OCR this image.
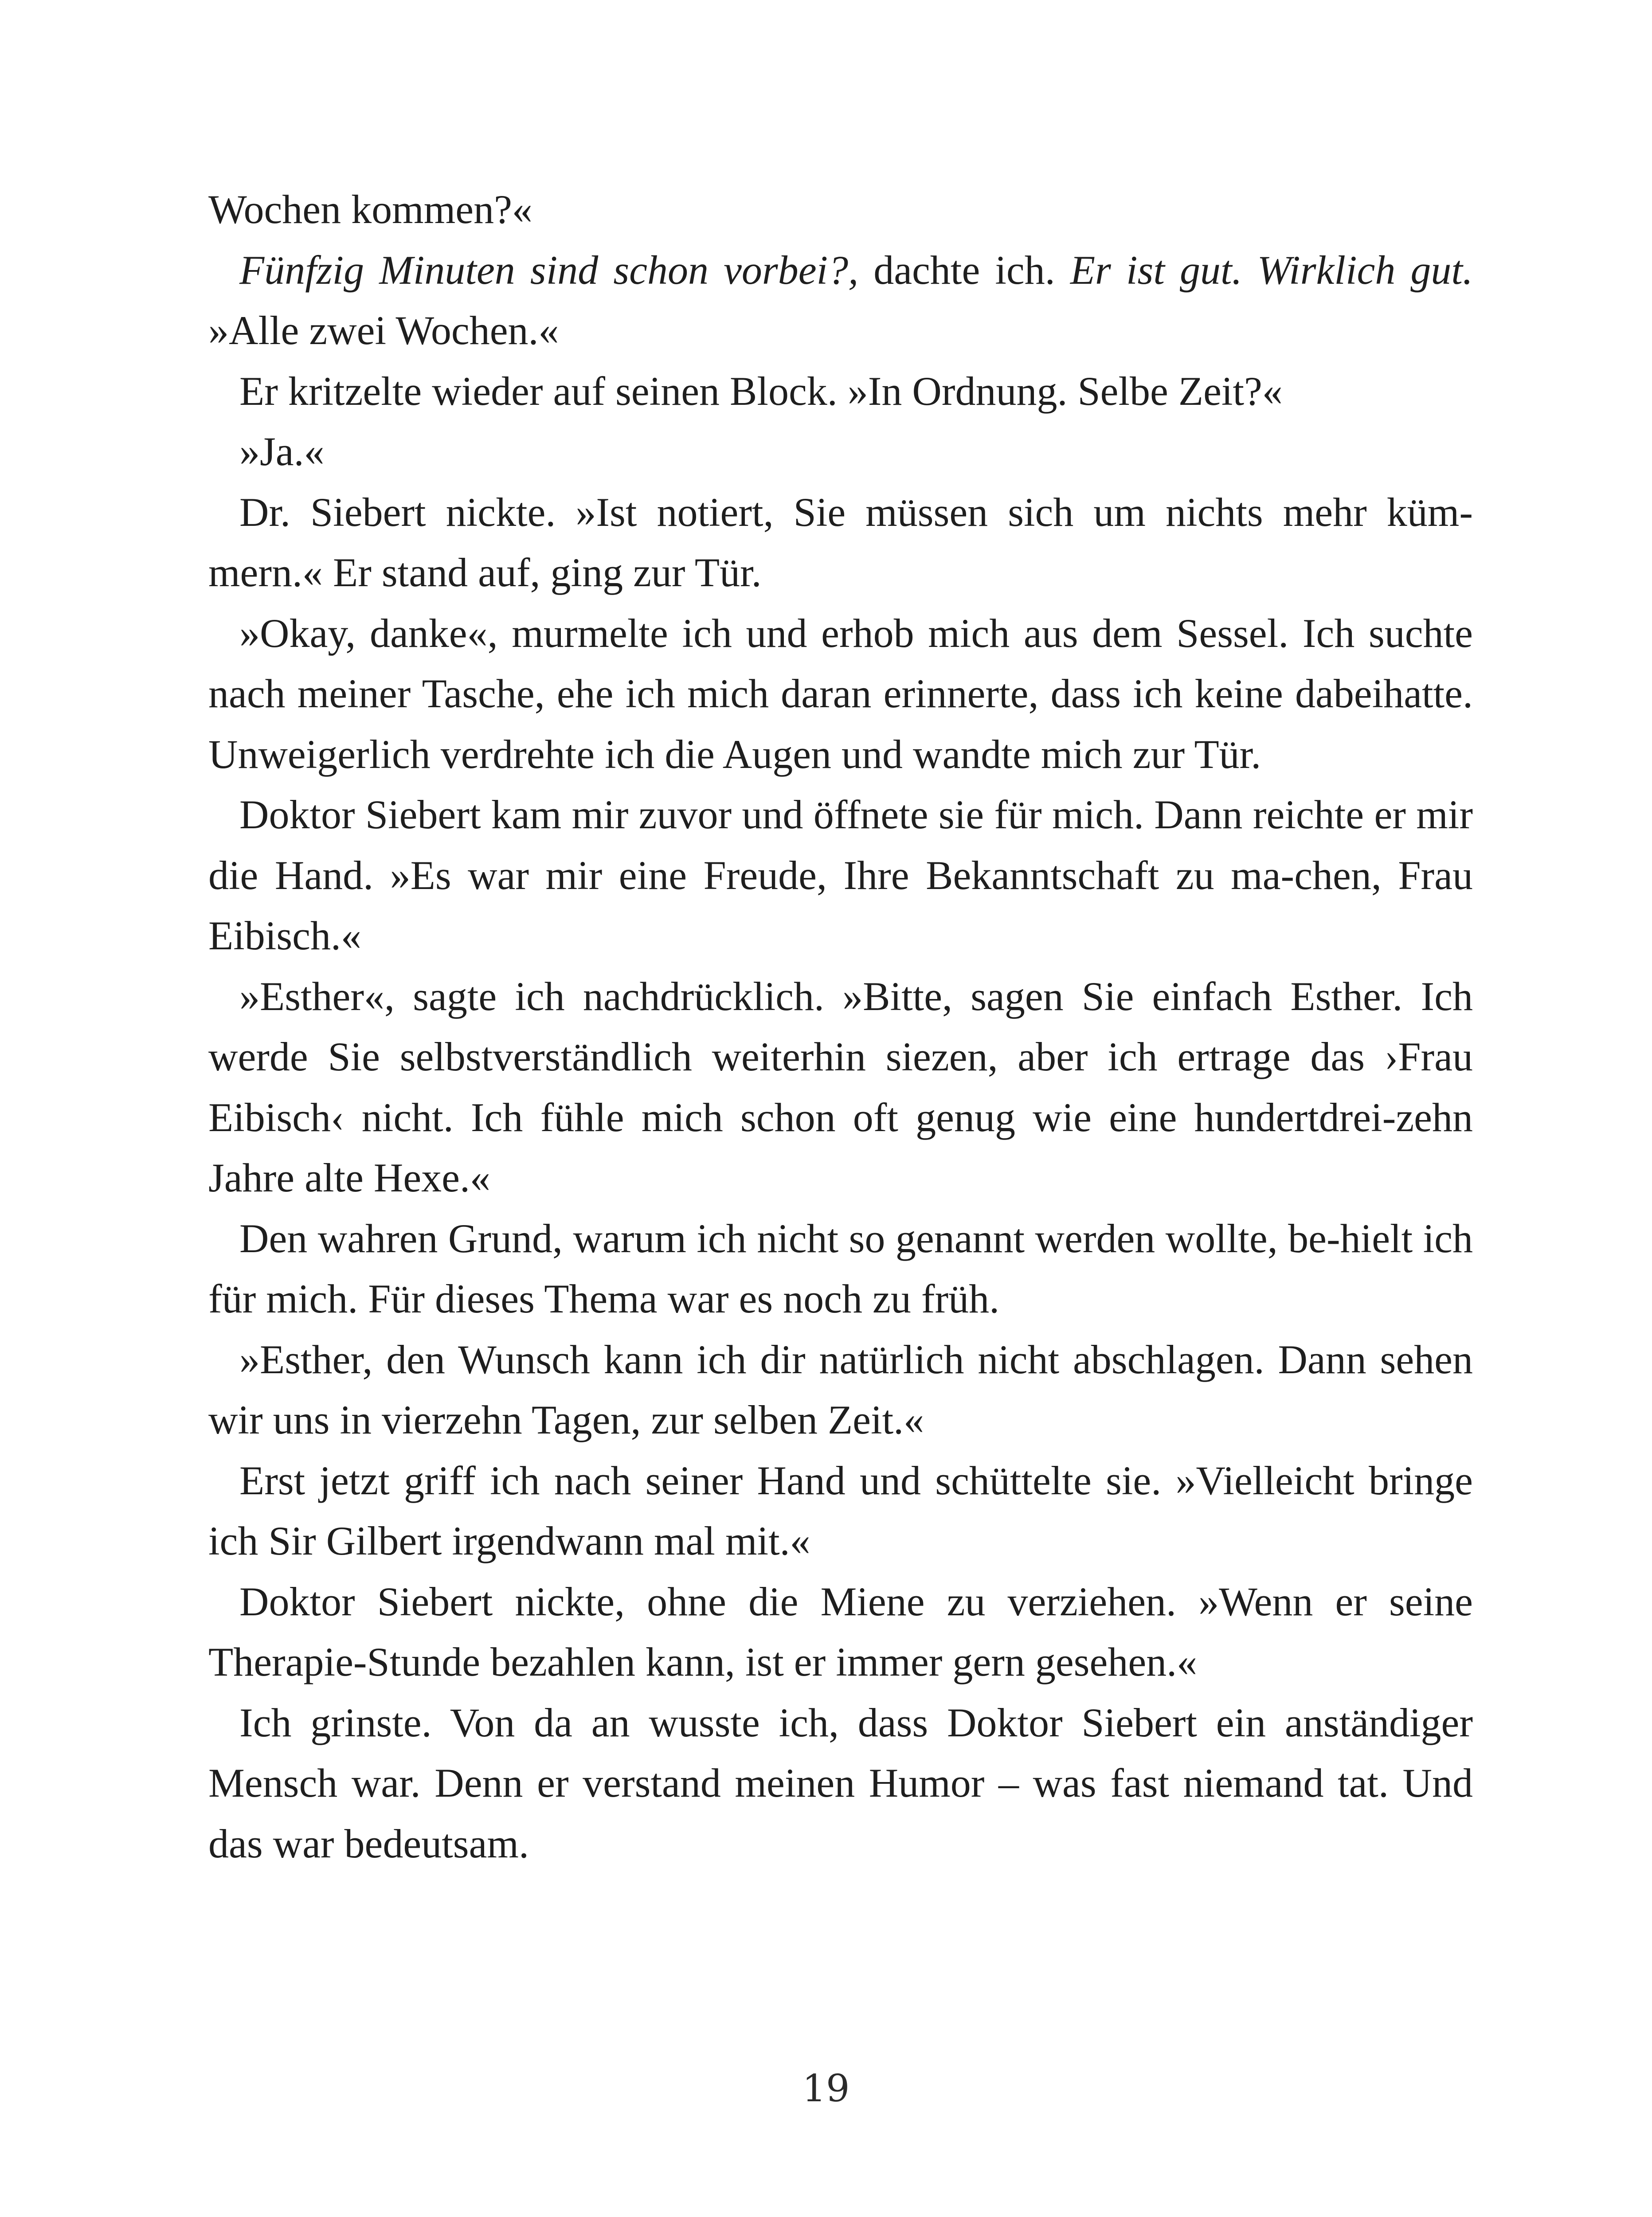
Wochen kommen?«

Fünfzig Minuten sind schon vorbei?, dachte ich. Er ist gut. Wirklich gut. »Alle zwei Wochen.«

Er kritzelte wieder auf seinen Block. »In Ordnung. Selbe Zeit?«

»Ja.«

Dr. Siebert nickte. »Ist notiert, Sie müssen sich um nichts mehr küm-mern.« Er stand auf, ging zur Tür.

»Okay, danke«, murmelte ich und erhob mich aus dem Sessel. Ich suchte nach meiner Tasche, ehe ich mich daran erinnerte, dass ich keine dabeihatte. Unweigerlich verdrehte ich die Augen und wandte mich zur Tür.

Doktor Siebert kam mir zuvor und öffnete sie für mich. Dann reichte er mir die Hand. »Es war mir eine Freude, Ihre Bekanntschaft zu ma-chen, Frau Eibisch.«

»Esther«, sagte ich nachdrücklich. »Bitte, sagen Sie einfach Esther. Ich werde Sie selbstverständlich weiterhin siezen, aber ich ertrage das ›Frau Eibisch‹ nicht. Ich fühle mich schon oft genug wie eine hundertdrei-zehn Jahre alte Hexe.«

Den wahren Grund, warum ich nicht so genannt werden wollte, be-hielt ich für mich. Für dieses Thema war es noch zu früh.

»Esther, den Wunsch kann ich dir natürlich nicht abschlagen. Dann sehen wir uns in vierzehn Tagen, zur selben Zeit.«

Erst jetzt griff ich nach seiner Hand und schüttelte sie. »Vielleicht bringe ich Sir Gilbert irgendwann mal mit.«

Doktor Siebert nickte, ohne die Miene zu verziehen. »Wenn er seine Therapie-Stunde bezahlen kann, ist er immer gern gesehen.«

Ich grinste. Von da an wusste ich, dass Doktor Siebert ein anständiger Mensch war. Denn er verstand meinen Humor – was fast niemand tat. Und das war bedeutsam.

19
